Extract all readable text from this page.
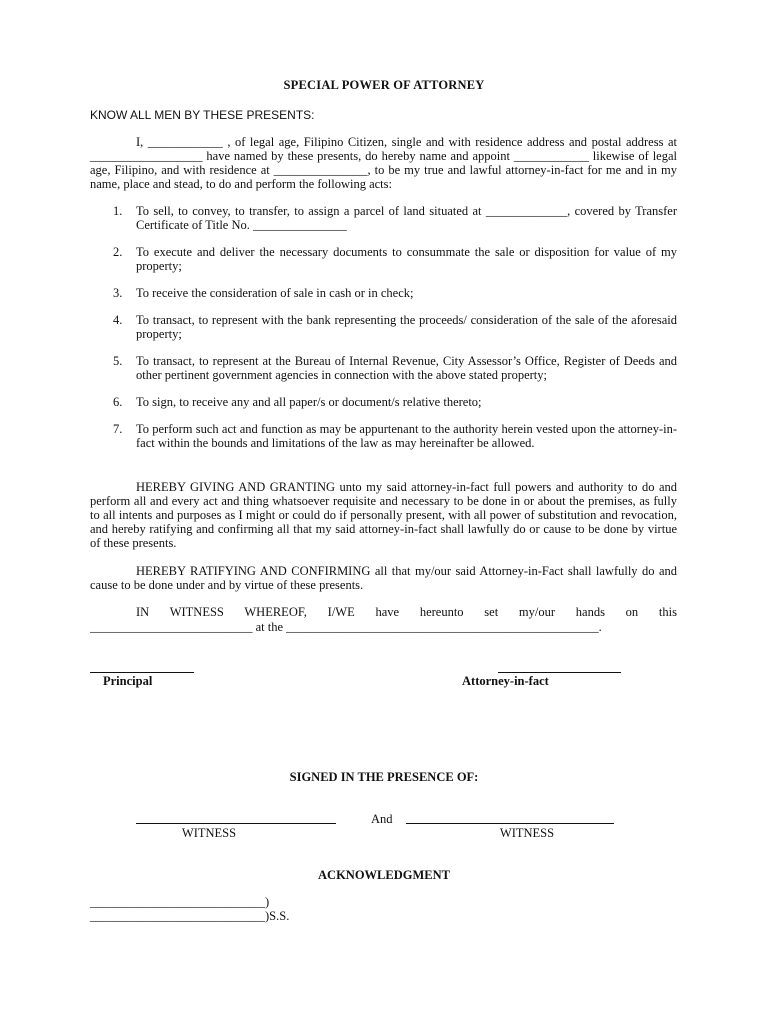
SPECIAL POWER OF ATTORNEY
KNOW ALL MEN BY THESE PRESENTS:
I, ____________ , of legal age, Filipino Citizen, single and with residence address and postal address at __________________ have named by these presents, do hereby name and appoint ____________ likewise of legal age, Filipino, and with residence at _______________, to be my true and lawful attorney-in-fact for me and in my name, place and stead, to do and perform the following acts:
1. To sell, to convey, to transfer, to assign a parcel of land situated at _____________, covered by Transfer Certificate of Title No. _______________
2. To execute and deliver the necessary documents to consummate the sale or disposition for value of my property;
3. To receive the consideration of sale in cash or in check;
4. To transact, to represent with the bank representing the proceeds/ consideration of the sale of the aforesaid property;
5. To transact, to represent at the Bureau of Internal Revenue, City Assessor’s Office, Register of Deeds and other pertinent government agencies in connection with the above stated property;
6. To sign, to receive any and all paper/s or document/s relative thereto;
7. To perform such act and function as may be appurtenant to the authority herein vested upon the attorney-in-fact within the bounds and limitations of the law as may hereinafter be allowed.
HEREBY GIVING AND GRANTING unto my said attorney-in-fact full powers and authority to do and perform all and every act and thing whatsoever requisite and necessary to be done in or about the premises, as fully to all intents and purposes as I might or could do if personally present, with all power of substitution and revocation, and hereby ratifying and confirming all that my said attorney-in-fact shall lawfully do or cause to be done by virtue of these presents.
HEREBY RATIFYING AND CONFIRMING all that my/our said Attorney-in-Fact shall lawfully do and cause to be done under and by virtue of these presents.
IN WITNESS WHEREOF, I/WE have hereunto set my/our hands on this
__________________________ at the __________________________________________________.
Principal	Attorney-in-fact
SIGNED IN THE PRESENCE OF:
And
WITNESS	WITNESS
ACKNOWLEDGMENT
____________________________)
____________________________)S.S.
